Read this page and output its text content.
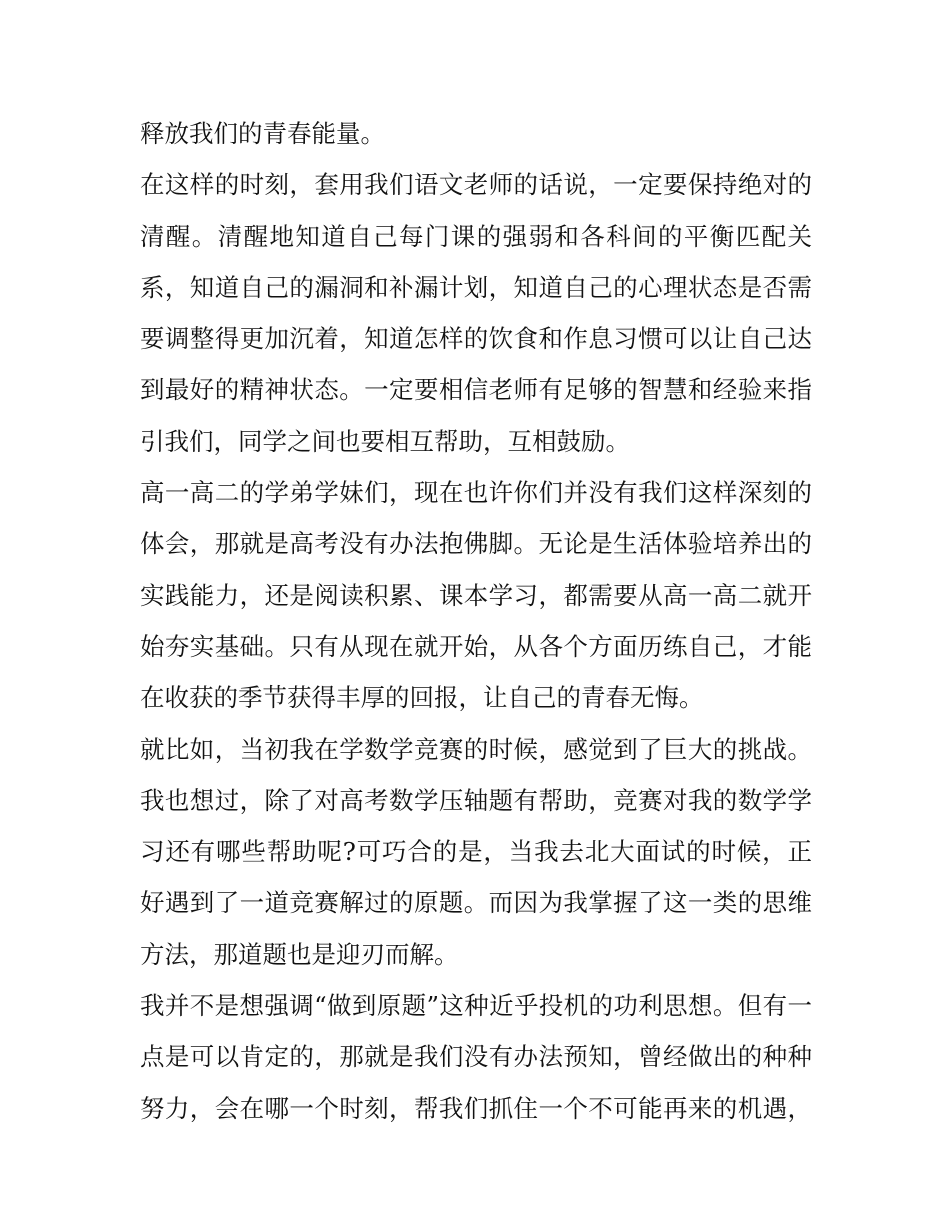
释放我们的青春能量。
在这样的时刻，套用我们语文老师的话说，一定要保持绝对的
清醒。清醒地知道自己每门课的强弱和各科间的平衡匹配关
系，知道自己的漏洞和补漏计划，知道自己的心理状态是否需
要调整得更加沉着，知道怎样的饮食和作息习惯可以让自己达
到最好的精神状态。一定要相信老师有足够的智慧和经验来指
引我们，同学之间也要相互帮助，互相鼓励。
高一高二的学弟学妹们，现在也许你们并没有我们这样深刻的
体会，那就是高考没有办法抱佛脚。无论是生活体验培养出的
实践能力，还是阅读积累、课本学习，都需要从高一高二就开
始夯实基础。只有从现在就开始，从各个方面历练自己，才能
在收获的季节获得丰厚的回报，让自己的青春无悔。
就比如，当初我在学数学竞赛的时候，感觉到了巨大的挑战。
我也想过，除了对高考数学压轴题有帮助，竞赛对我的数学学
习还有哪些帮助呢?可巧合的是，当我去北大面试的时候，正
好遇到了一道竞赛解过的原题。而因为我掌握了这一类的思维
方法，那道题也是迎刃而解。
我并不是想强调“做到原题”这种近乎投机的功利思想。但有一
点是可以肯定的，那就是我们没有办法预知，曾经做出的种种
努力，会在哪一个时刻，帮我们抓住一个不可能再来的机遇，
